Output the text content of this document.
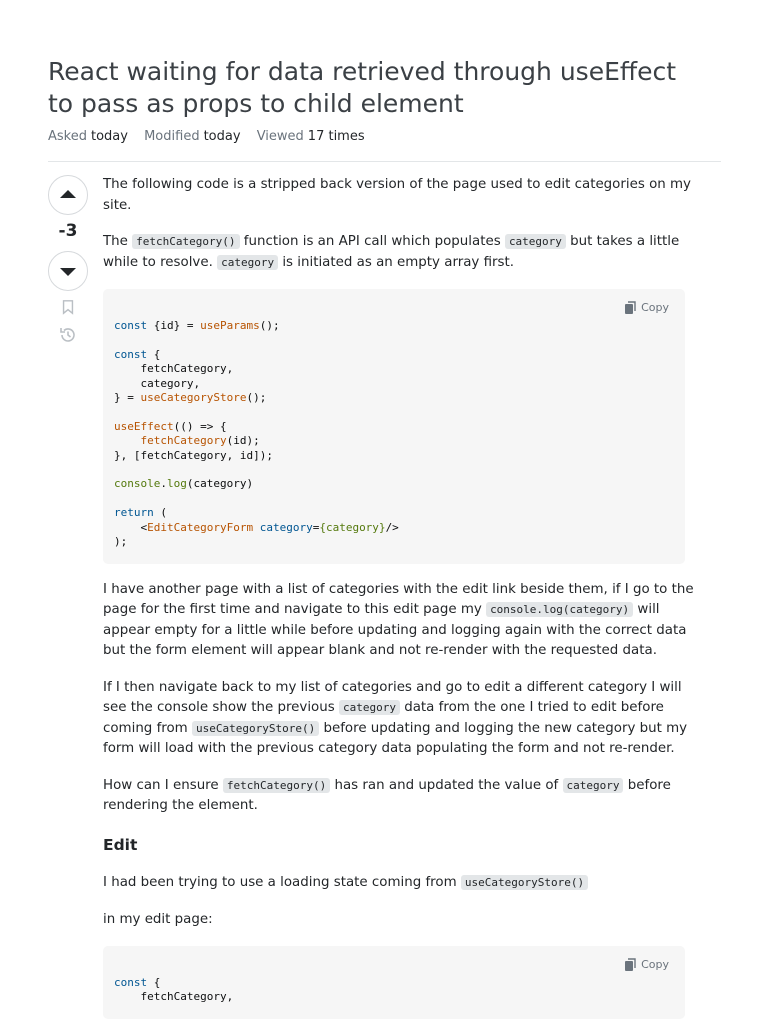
React waiting for data retrieved through useEffect to pass as props to child element
Asked today Modified today Viewed 17 times
-3

The following code is a stripped back version of the page used to edit categories on my site.

The fetchCategory() function is an API call which populates category but takes a little while to resolve. category is initiated as an empty array first.

Copy
const {id} = useParams();

const {
fetchCategory,
category,
} = useCategoryStore();

useEffect(() => {
fetchCategory(id);
}, [fetchCategory, id]);

console.log(category)

return (
<EditCategoryForm category={category}/>
);

I have another page with a list of categories with the edit link beside them, if I go to the page for the first time and navigate to this edit page my console.log(category) will appear empty for a little while before updating and logging again with the correct data but the form element will appear blank and not re-render with the requested data.

If I then navigate back to my list of categories and go to edit a different category I will see the console show the previous category data from the one I tried to edit before coming from useCategoryStore() before updating and logging the new category but my form will load with the previous category data populating the form and not re-render.

How can I ensure fetchCategory() has ran and updated the value of category before rendering the element.

Edit

I had been trying to use a loading state coming from useCategoryStore()

in my edit page:

Copy
const {
fetchCategory,
